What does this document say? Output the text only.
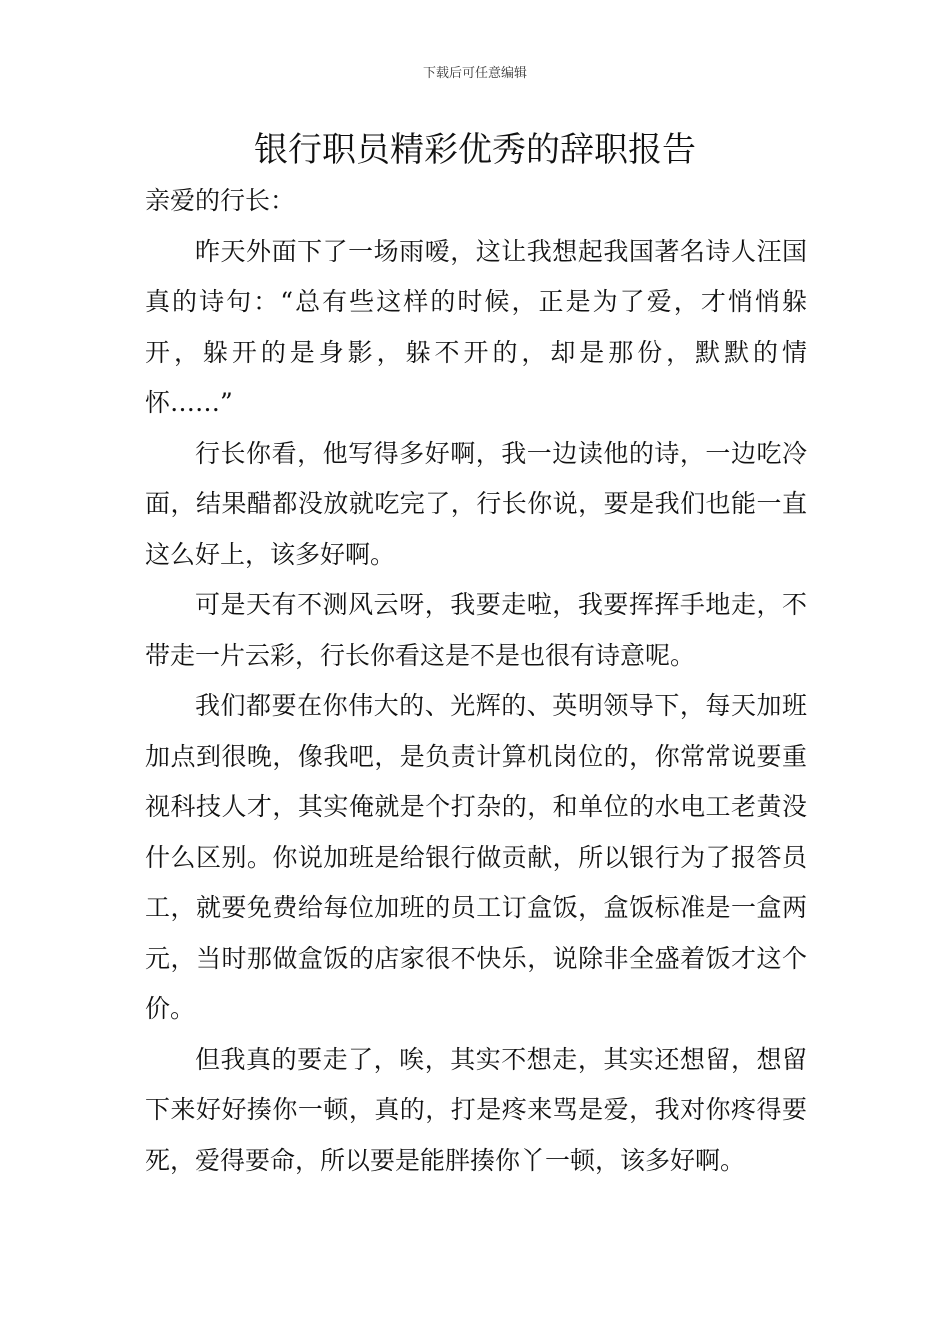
下载后可任意编辑
银行职员精彩优秀的辞职报告

亲爱的行长：

昨天外面下了一场雨嗳，这让我想起我国著名诗人汪国真的诗句：“总有些这样的时候，正是为了爱，才悄悄躲开，躲开的是身影，躲不开的，却是那份，默默的情怀……”

行长你看，他写得多好啊，我一边读他的诗，一边吃冷面，结果醋都没放就吃完了，行长你说，要是我们也能一直这么好上，该多好啊。

可是天有不测风云呀，我要走啦，我要挥挥手地走，不带走一片云彩，行长你看这是不是也很有诗意呢。

我们都要在你伟大的、光辉的、英明领导下，每天加班加点到很晚，像我吧，是负责计算机岗位的，你常常说要重视科技人才，其实俺就是个打杂的，和单位的水电工老黄没什么区别。你说加班是给银行做贡献，所以银行为了报答员工，就要免费给每位加班的员工订盒饭，盒饭标准是一盒两元，当时那做盒饭的店家很不快乐，说除非全盛着饭才这个价。

但我真的要走了，唉，其实不想走，其实还想留，想留下来好好揍你一顿，真的，打是疼来骂是爱，我对你疼得要死，爱得要命，所以要是能胖揍你丫一顿，该多好啊。
